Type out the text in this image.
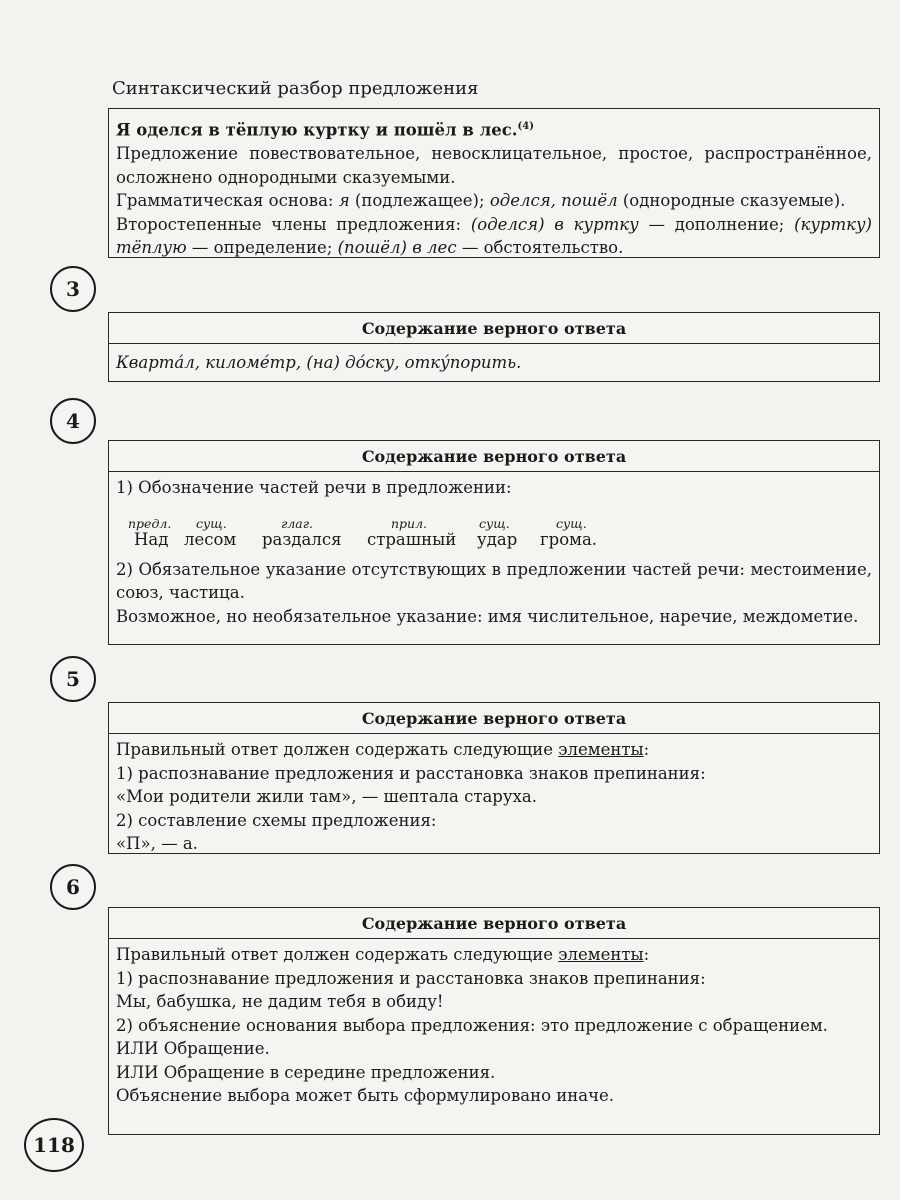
Синтаксический разбор предложения

Я оделся в тёплую куртку и пошёл в лес.$^{(4)}$

Предложение повествовательное, невосклицательное, простое, распространённое, осложнено однородными сказуемыми.

Грамматическая основа: я (подлежащее); оделся, пошёл (однородные сказуемые).

Второстепенные члены предложения: (оделся) в куртку — дополнение; (куртку) тёплую — определение; (пошёл) в лес — обстоятельство.

3
Содержание верного ответа

Кварта́л, киломе́тр, (на) до́ску, отку́порить.

4
Содержание верного ответа

1) Обозначение частей речи в предложении:

предл. сущ.	глаг.	прил.	сущ.	сущ.
Над лесом раздался страшный удар грома.

2) Обязательное указание отсутствующих в предложении частей речи: местоимение, союз, частица.

Возможное, но необязательное указание: имя числительное, наречие, междометие.

5
Содержание верного ответа

Правильный ответ должен содержать следующие элементы:

1) распознавание предложения и расстановка знаков препинания:

«Мои родители жили там», — шептала старуха.

2) составление схемы предложения:

«П», — а.

6
Содержание верного ответа

Правильный ответ должен содержать следующие элементы:

1) распознавание предложения и расстановка знаков препинания:

Мы, бабушка, не дадим тебя в обиду!

2) объяснение основания выбора предложения: это предложение с обращением.

ИЛИ Обращение.

ИЛИ Обращение в середине предложения.

Объяснение выбора может быть сформулировано иначе.

118
